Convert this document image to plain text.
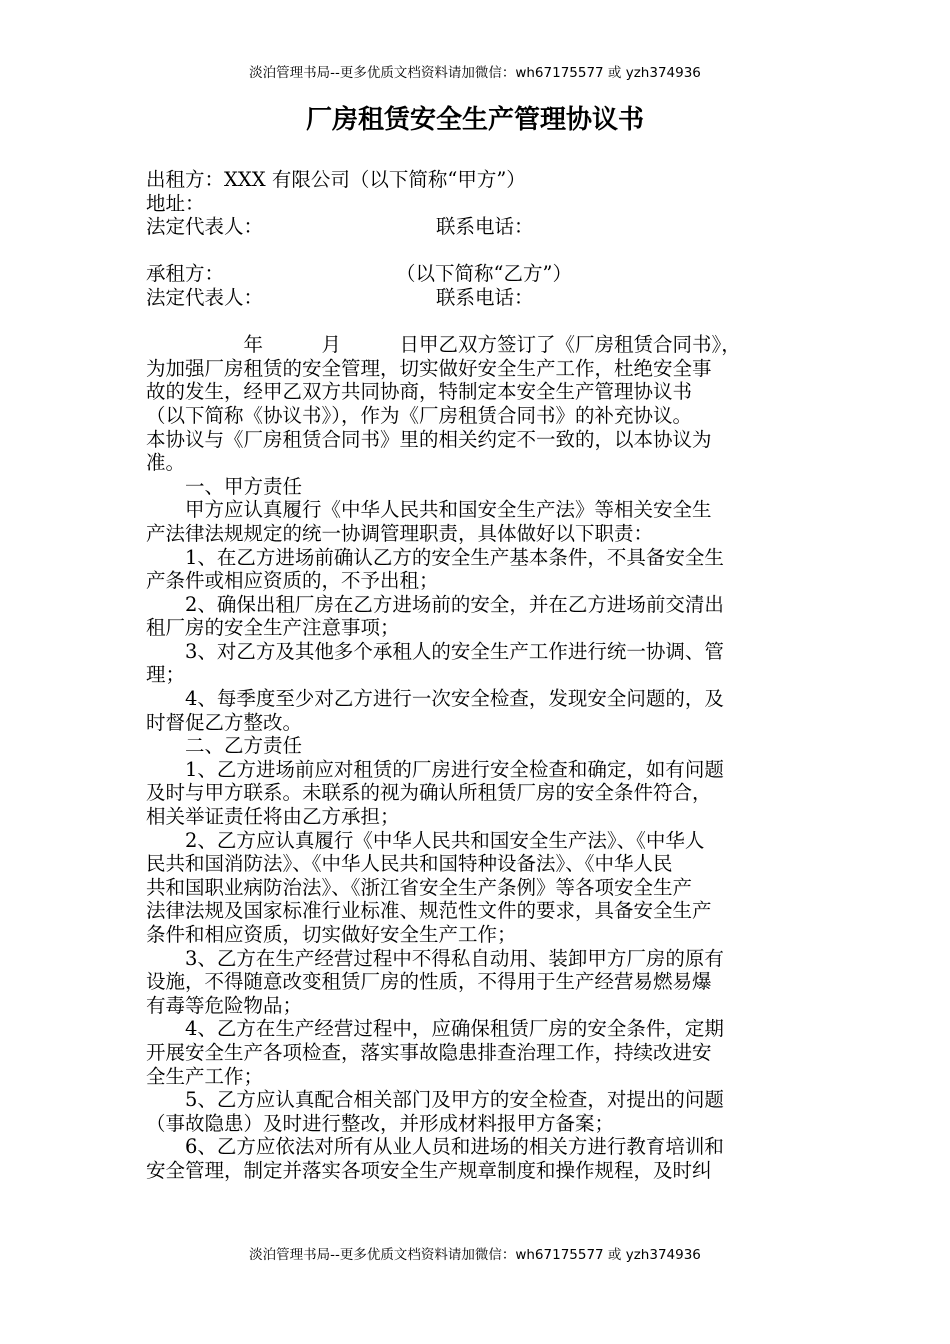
淡泊管理书局--更多优质文档资料请加微信：wh67175577 或 yzh374936
厂房租赁安全生产管理协议书
出租方：XXX 有限公司（以下简称“甲方”）
地址：
法定代表人：	联系电话：
承租方：	（以下简称“乙方”）
法定代表人：	联系电话：
年　　　月　　　日甲乙双方签订了《厂房租赁合同书》，
为加强厂房租赁的安全管理，切实做好安全生产工作，杜绝安全事
故的发生，经甲乙双方共同协商，特制定本安全生产管理协议书
（以下简称《协议书》），作为《厂房租赁合同书》的补充协议。
本协议与《厂房租赁合同书》里的相关约定不一致的，以本协议为
准。
一、甲方责任
甲方应认真履行《中华人民共和国安全生产法》等相关安全生
产法律法规规定的统一协调管理职责，具体做好以下职责：
1、在乙方进场前确认乙方的安全生产基本条件，不具备安全生
产条件或相应资质的，不予出租；
2、确保出租厂房在乙方进场前的安全，并在乙方进场前交清出
租厂房的安全生产注意事项；
3、对乙方及其他多个承租人的安全生产工作进行统一协调、管
理；
4、每季度至少对乙方进行一次安全检查，发现安全问题的，及
时督促乙方整改。
二、乙方责任
1、乙方进场前应对租赁的厂房进行安全检查和确定，如有问题
及时与甲方联系。未联系的视为确认所租赁厂房的安全条件符合，
相关举证责任将由乙方承担；
2、乙方应认真履行《中华人民共和国安全生产法》、《中华人
民共和国消防法》、《中华人民共和国特种设备法》、《中华人民
共和国职业病防治法》、《浙江省安全生产条例》等各项安全生产
法律法规及国家标准行业标准、规范性文件的要求，具备安全生产
条件和相应资质，切实做好安全生产工作；
3、乙方在生产经营过程中不得私自动用、装卸甲方厂房的原有
设施，不得随意改变租赁厂房的性质，不得用于生产经营易燃易爆
有毒等危险物品；
4、乙方在生产经营过程中，应确保租赁厂房的安全条件，定期
开展安全生产各项检查，落实事故隐患排查治理工作，持续改进安
全生产工作；
5、乙方应认真配合相关部门及甲方的安全检查，对提出的问题
（事故隐患）及时进行整改，并形成材料报甲方备案；
6、乙方应依法对所有从业人员和进场的相关方进行教育培训和
安全管理，制定并落实各项安全生产规章制度和操作规程，及时纠
淡泊管理书局--更多优质文档资料请加微信：wh67175577 或 yzh374936
